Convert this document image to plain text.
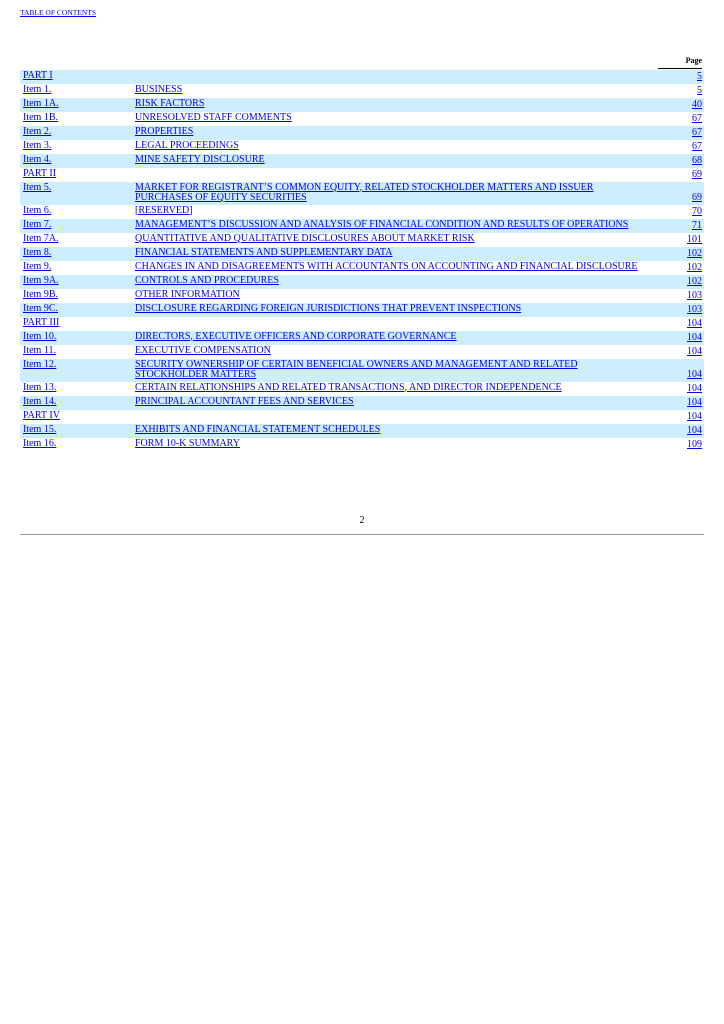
TABLE OF CONTENTS
		Page
PART I		5
Item 1.	BUSINESS	5
Item 1A.	RISK FACTORS	40
Item 1B.	UNRESOLVED STAFF COMMENTS	67
Item 2.	PROPERTIES	67
Item 3.	LEGAL PROCEEDINGS	67
Item 4.	MINE SAFETY DISCLOSURE	68
PART II		69
Item 5.	MARKET FOR REGISTRANT’S COMMON EQUITY, RELATED STOCKHOLDER MATTERS AND ISSUER PURCHASES OF EQUITY SECURITIES	69
Item 6.	[RESERVED]	70
Item 7.	MANAGEMENT’S DISCUSSION AND ANALYSIS OF FINANCIAL CONDITION AND RESULTS OF OPERATIONS	71
Item 7A.	QUANTITATIVE AND QUALITATIVE DISCLOSURES ABOUT MARKET RISK	101
Item 8.	FINANCIAL STATEMENTS AND SUPPLEMENTARY DATA	102
Item 9.	CHANGES IN AND DISAGREEMENTS WITH ACCOUNTANTS ON ACCOUNTING AND FINANCIAL DISCLOSURE	102
Item 9A.	CONTROLS AND PROCEDURES	102
Item 9B.	OTHER INFORMATION	103
Item 9C.	DISCLOSURE REGARDING FOREIGN JURISDICTIONS THAT PREVENT INSPECTIONS	103
PART III		104
Item 10.	DIRECTORS, EXECUTIVE OFFICERS AND CORPORATE GOVERNANCE	104
Item 11.	EXECUTIVE COMPENSATION	104
Item 12.	SECURITY OWNERSHIP OF CERTAIN BENEFICIAL OWNERS AND MANAGEMENT AND RELATED STOCKHOLDER MATTERS	104
Item 13.	CERTAIN RELATIONSHIPS AND RELATED TRANSACTIONS, AND DIRECTOR INDEPENDENCE	104
Item 14.	PRINCIPAL ACCOUNTANT FEES AND SERVICES	104
PART IV		104
Item 15.	EXHIBITS AND FINANCIAL STATEMENT SCHEDULES	104
Item 16.	FORM 10-K SUMMARY	109
2
